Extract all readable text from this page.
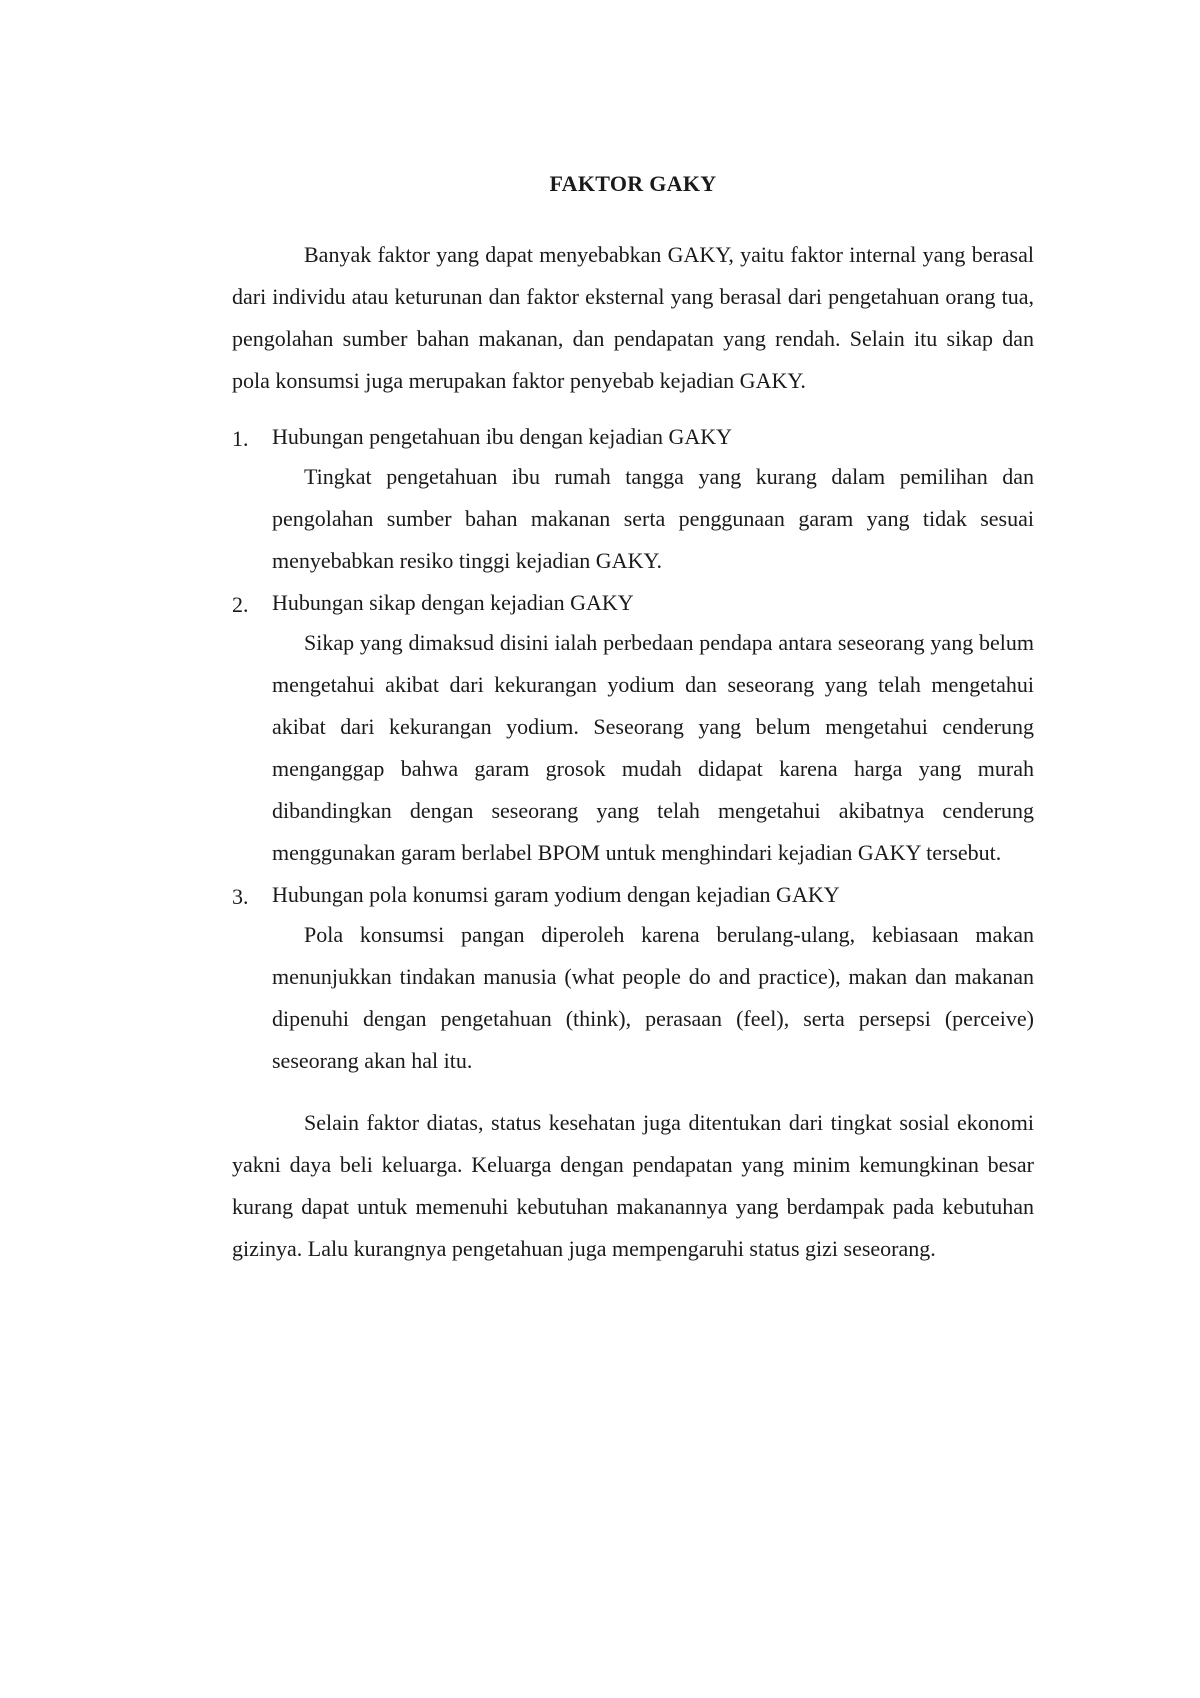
FAKTOR GAKY

Banyak faktor yang dapat menyebabkan GAKY, yaitu faktor internal yang berasal dari individu atau keturunan dan faktor eksternal yang berasal dari pengetahuan orang tua, pengolahan sumber bahan makanan, dan pendapatan yang rendah. Selain itu sikap dan pola konsumsi juga merupakan faktor penyebab kejadian GAKY.

1. Hubungan pengetahuan ibu dengan kejadian GAKY

Tingkat pengetahuan ibu rumah tangga yang kurang dalam pemilihan dan pengolahan sumber bahan makanan serta penggunaan garam yang tidak sesuai menyebabkan resiko tinggi kejadian GAKY.

2. Hubungan sikap dengan kejadian GAKY

Sikap yang dimaksud disini ialah perbedaan pendapa antara seseorang yang belum mengetahui akibat dari kekurangan yodium dan seseorang yang telah mengetahui akibat dari kekurangan yodium. Seseorang yang belum mengetahui cenderung menganggap bahwa garam grosok mudah didapat karena harga yang murah dibandingkan dengan seseorang yang telah mengetahui akibatnya cenderung menggunakan garam berlabel BPOM untuk menghindari kejadian GAKY tersebut.

3. Hubungan pola konumsi garam yodium dengan kejadian GAKY

Pola konsumsi pangan diperoleh karena berulang-ulang, kebiasaan makan menunjukkan tindakan manusia (what people do and practice), makan dan makanan dipenuhi dengan pengetahuan (think), perasaan (feel), serta persepsi (perceive) seseorang akan hal itu.

Selain faktor diatas, status kesehatan juga ditentukan dari tingkat sosial ekonomi yakni daya beli keluarga. Keluarga dengan pendapatan yang minim kemungkinan besar kurang dapat untuk memenuhi kebutuhan makanannya yang berdampak pada kebutuhan gizinya. Lalu kurangnya pengetahuan juga mempengaruhi status gizi seseorang.
